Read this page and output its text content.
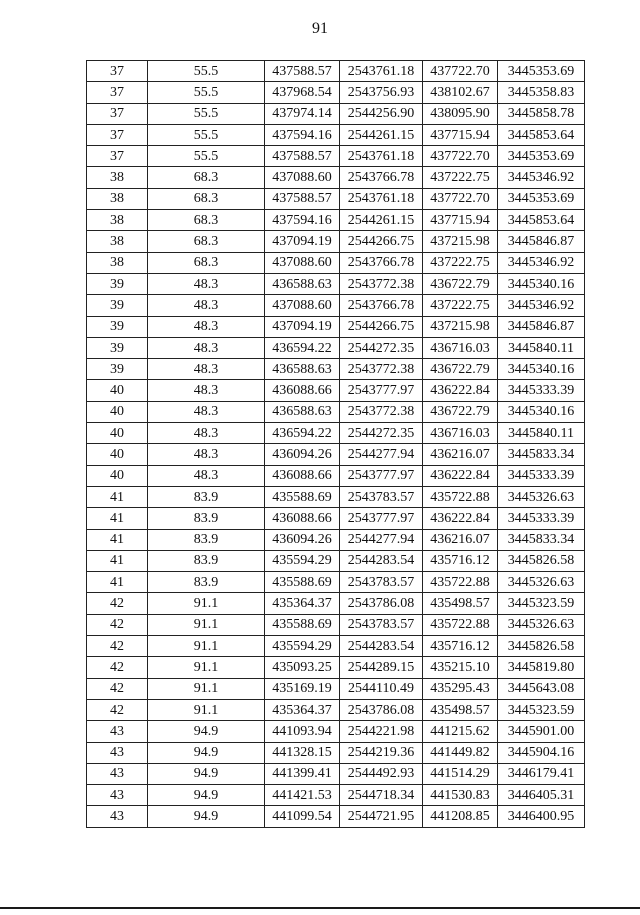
91
37	55.5	437588.57	2543761.18	437722.70	3445353.69
37	55.5	437968.54	2543756.93	438102.67	3445358.83
37	55.5	437974.14	2544256.90	438095.90	3445858.78
37	55.5	437594.16	2544261.15	437715.94	3445853.64
37	55.5	437588.57	2543761.18	437722.70	3445353.69
38	68.3	437088.60	2543766.78	437222.75	3445346.92
38	68.3	437588.57	2543761.18	437722.70	3445353.69
38	68.3	437594.16	2544261.15	437715.94	3445853.64
38	68.3	437094.19	2544266.75	437215.98	3445846.87
38	68.3	437088.60	2543766.78	437222.75	3445346.92
39	48.3	436588.63	2543772.38	436722.79	3445340.16
39	48.3	437088.60	2543766.78	437222.75	3445346.92
39	48.3	437094.19	2544266.75	437215.98	3445846.87
39	48.3	436594.22	2544272.35	436716.03	3445840.11
39	48.3	436588.63	2543772.38	436722.79	3445340.16
40	48.3	436088.66	2543777.97	436222.84	3445333.39
40	48.3	436588.63	2543772.38	436722.79	3445340.16
40	48.3	436594.22	2544272.35	436716.03	3445840.11
40	48.3	436094.26	2544277.94	436216.07	3445833.34
40	48.3	436088.66	2543777.97	436222.84	3445333.39
41	83.9	435588.69	2543783.57	435722.88	3445326.63
41	83.9	436088.66	2543777.97	436222.84	3445333.39
41	83.9	436094.26	2544277.94	436216.07	3445833.34
41	83.9	435594.29	2544283.54	435716.12	3445826.58
41	83.9	435588.69	2543783.57	435722.88	3445326.63
42	91.1	435364.37	2543786.08	435498.57	3445323.59
42	91.1	435588.69	2543783.57	435722.88	3445326.63
42	91.1	435594.29	2544283.54	435716.12	3445826.58
42	91.1	435093.25	2544289.15	435215.10	3445819.80
42	91.1	435169.19	2544110.49	435295.43	3445643.08
42	91.1	435364.37	2543786.08	435498.57	3445323.59
43	94.9	441093.94	2544221.98	441215.62	3445901.00
43	94.9	441328.15	2544219.36	441449.82	3445904.16
43	94.9	441399.41	2544492.93	441514.29	3446179.41
43	94.9	441421.53	2544718.34	441530.83	3446405.31
43	94.9	441099.54	2544721.95	441208.85	3446400.95
